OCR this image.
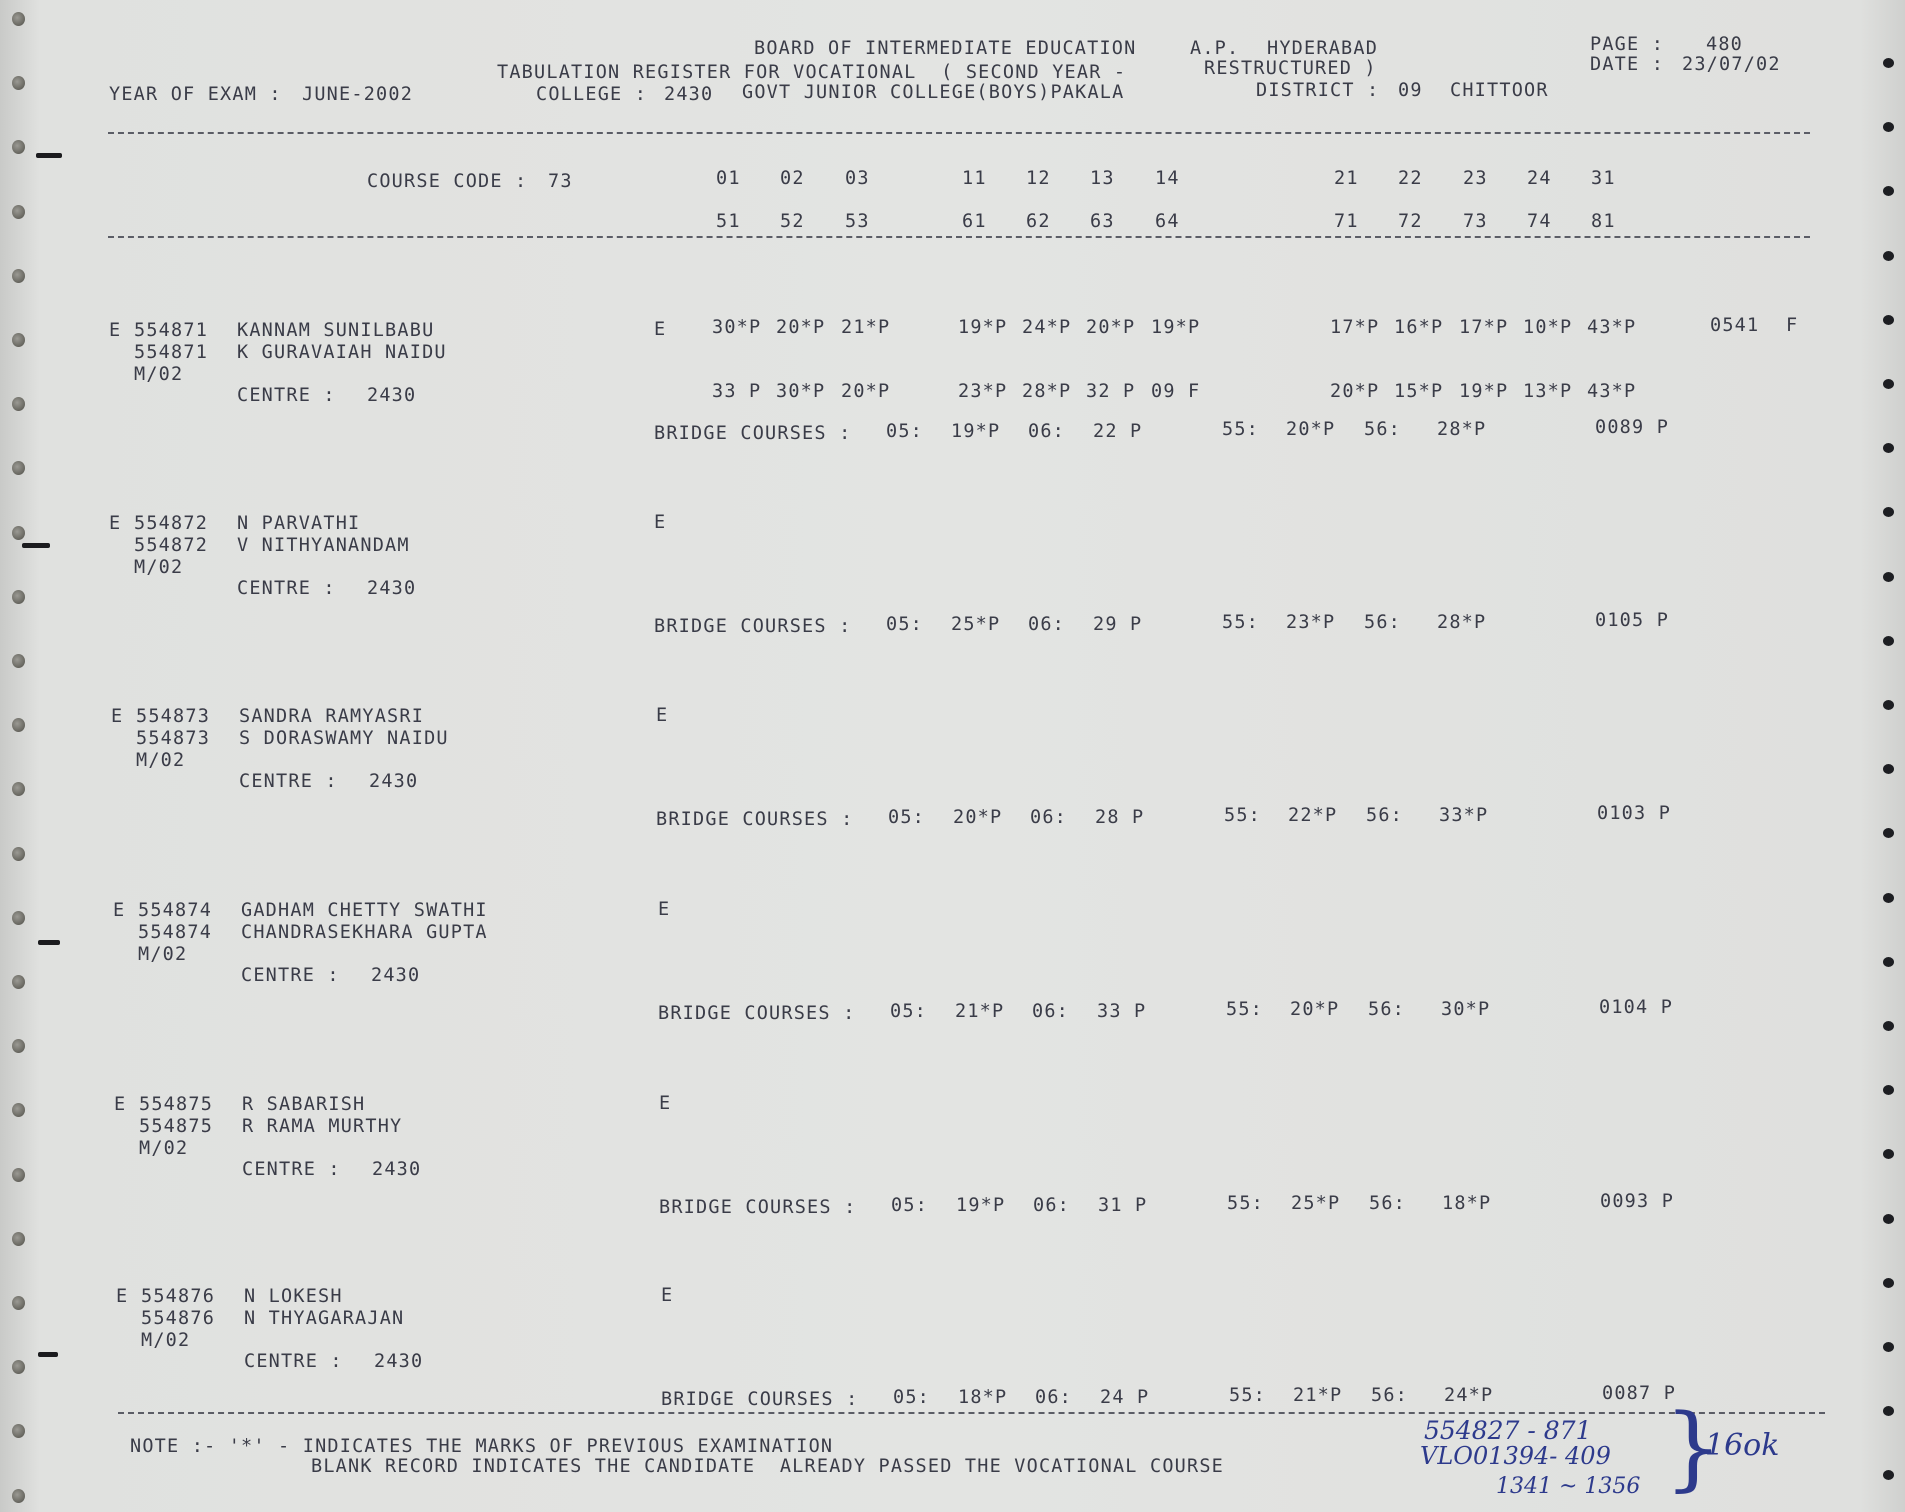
BOARD OF INTERMEDIATE EDUCATION	A.P. HYDERABAD	PAGE : 480
TABULATION REGISTER FOR VOCATIONAL  ( SECOND YEAR -	RESTRUCTURED )	DATE : 23/07/02
YEAR OF EXAM : JUNE-2002	COLLEGE : 2430 GOVT JUNIOR COLLEGE(BOYS)PAKALA	DISTRICT : 09 CHITTOOR
COURSE CODE : 73	01 02 03	11 12 13 14	21 22 23 24 31
51 52 53	61 62 63 64	71 72 73 74 81
E 554871 KANNAM SUNILBABU
554871 K GURAVAIAH NAIDU
M/02
CENTRE : 2430
E 30*P 20*P 21*P	19*P 24*P 20*P 19*P	17*P 16*P 17*P 10*P 43*P
33 P 30*P 20*P	23*P 28*P 32 P 09 F	20*P 15*P 19*P 13*P 43*P
0541 F
BRIDGE COURSES : 05: 19*P 06: 22 P	55: 20*P 56: 28*P	0089 P
E 554872 N PARVATHI
554872 V NITHYANANDAM
M/02
CENTRE : 2430
E
BRIDGE COURSES : 05: 25*P 06: 29 P	55: 23*P 56: 28*P	0105 P
E 554873 SANDRA RAMYASRI
554873 S DORASWAMY NAIDU
M/02
CENTRE : 2430
E
BRIDGE COURSES : 05: 20*P 06: 28 P	55: 22*P 56: 33*P	0103 P
E 554874 GADHAM CHETTY SWATHI
554874 CHANDRASEKHARA GUPTA
M/02
CENTRE : 2430
E
BRIDGE COURSES : 05: 21*P 06: 33 P	55: 20*P 56: 30*P	0104 P
E 554875 R SABARISH
554875 R RAMA MURTHY
M/02
CENTRE : 2430
E
BRIDGE COURSES : 05: 19*P 06: 31 P	55: 25*P 56: 18*P	0093 P
E 554876 N LOKESH
554876 N THYAGARAJAN
M/02
CENTRE : 2430
E
BRIDGE COURSES : 05: 18*P 06: 24 P	55: 21*P 56: 24*P	0087 P
NOTE :- '*' - INDICATES THE MARKS OF PREVIOUS EXAMINATION
BLANK RECORD INDICATES THE CANDIDATE  ALREADY PASSED THE VOCATIONAL COURSE
554827 - 871
VLO01394- 409
1341 ~ 1356 }
16ok
